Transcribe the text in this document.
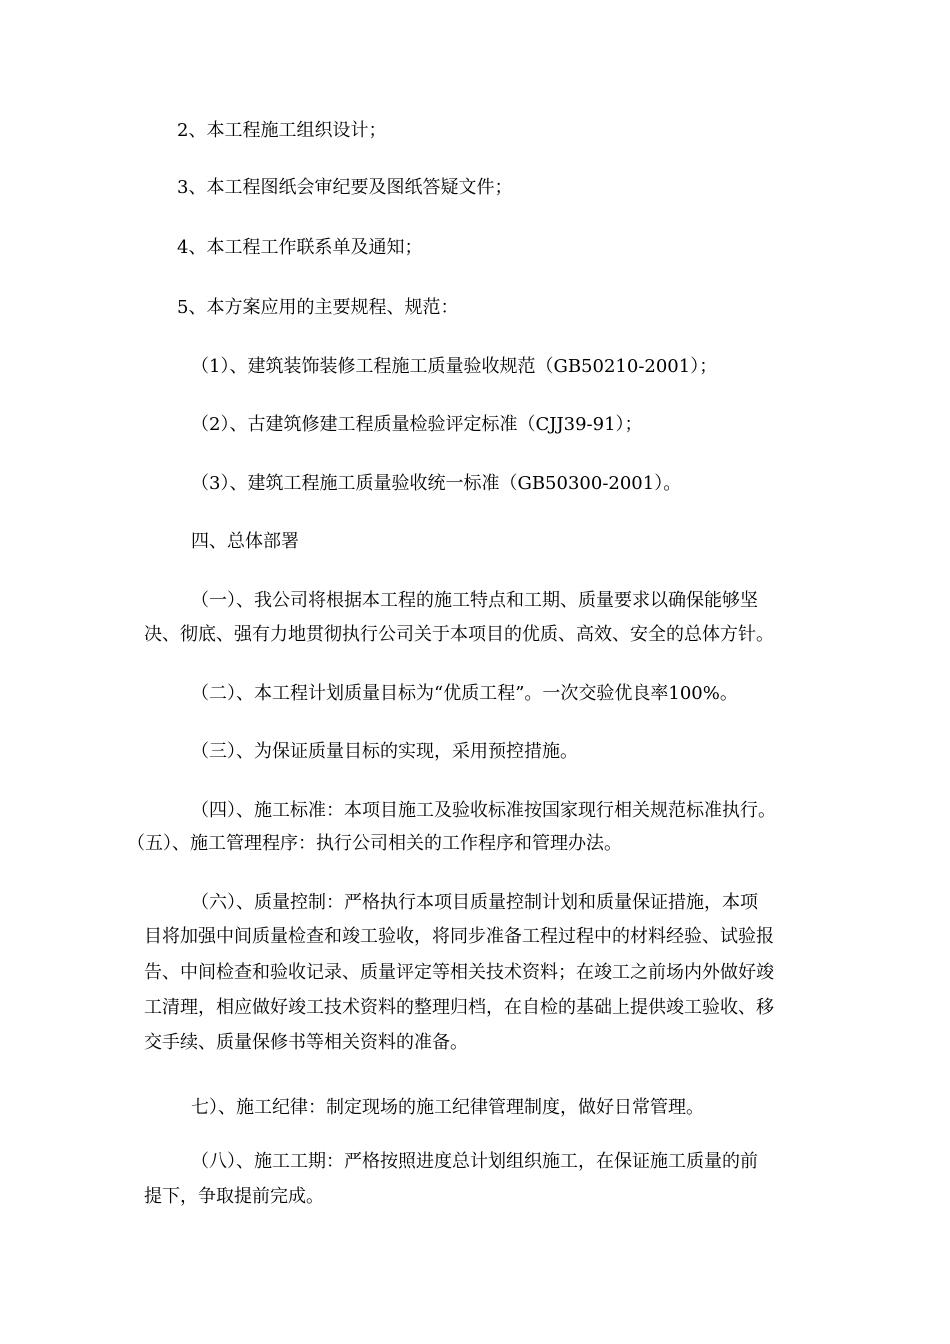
2、本工程施工组织设计；

3、本工程图纸会审纪要及图纸答疑文件；

4、本工程工作联系单及通知；

5、本方案应用的主要规程、规范：

（1）、建筑装饰装修工程施工质量验收规范（GB50210-2001）；

（2）、古建筑修建工程质量检验评定标准（CJJ39-91）；

（3）、建筑工程施工质量验收统一标准（GB50300-2001）。

四、总体部署

（一）、我公司将根据本工程的施工特点和工期、质量要求以确保能够坚

决、彻底、强有力地贯彻执行公司关于本项目的优质、高效、安全的总体方针。

（二）、本工程计划质量目标为“优质工程”。一次交验优良率100%。

（三）、为保证质量目标的实现，采用预控措施。

（四）、施工标准：本项目施工及验收标准按国家现行相关规范标准执行。

（五）、施工管理程序：执行公司相关的工作程序和管理办法。

（六）、质量控制：严格执行本项目质量控制计划和质量保证措施，本项

目将加强中间质量检查和竣工验收，将同步准备工程过程中的材料经验、试验报

告、中间检查和验收记录、质量评定等相关技术资料；在竣工之前场内外做好竣

工清理，相应做好竣工技术资料的整理归档，在自检的基础上提供竣工验收、移

交手续、质量保修书等相关资料的准备。

七）、施工纪律：制定现场的施工纪律管理制度，做好日常管理。

（八）、施工工期：严格按照进度总计划组织施工，在保证施工质量的前

提下，争取提前完成。
